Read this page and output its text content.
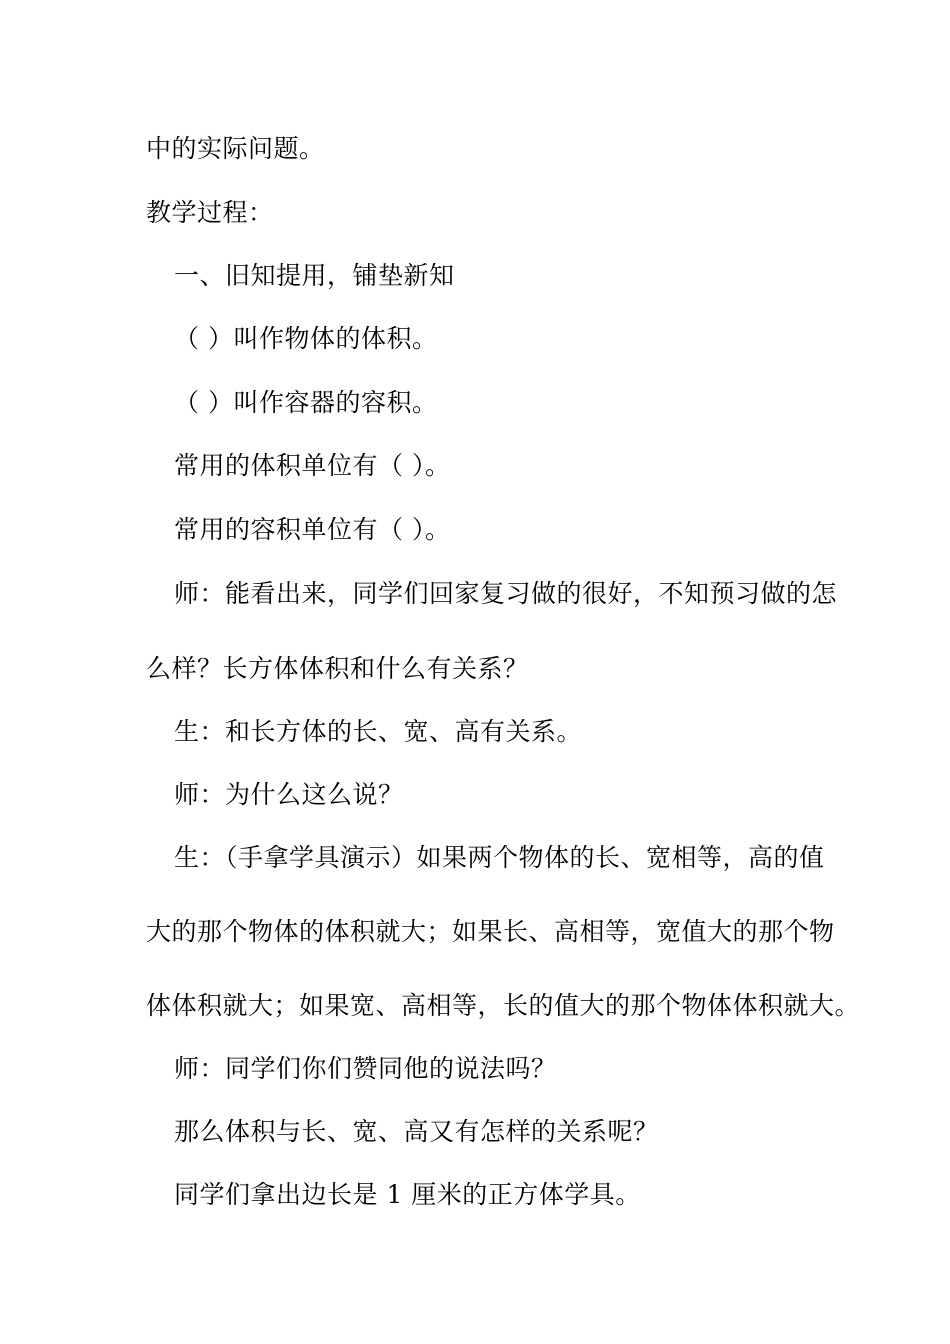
中的实际问题。
教学过程：
一、旧知提用，铺垫新知
（ ）叫作物体的体积。
（ ）叫作容器的容积。
常用的体积单位有（ ）。
常用的容积单位有（ ）。
师：能看出来，同学们回家复习做的很好，不知预习做的怎
么样？长方体体积和什么有关系？
生：和长方体的长、宽、高有关系。
师：为什么这么说？
生：（手拿学具演示）如果两个物体的长、宽相等，高的值
大的那个物体的体积就大；如果长、高相等，宽值大的那个物
体体积就大；如果宽、高相等，长的值大的那个物体体积就大。
师：同学们你们赞同他的说法吗？
那么体积与长、宽、高又有怎样的关系呢？
同学们拿出边长是 1 厘米的正方体学具。
